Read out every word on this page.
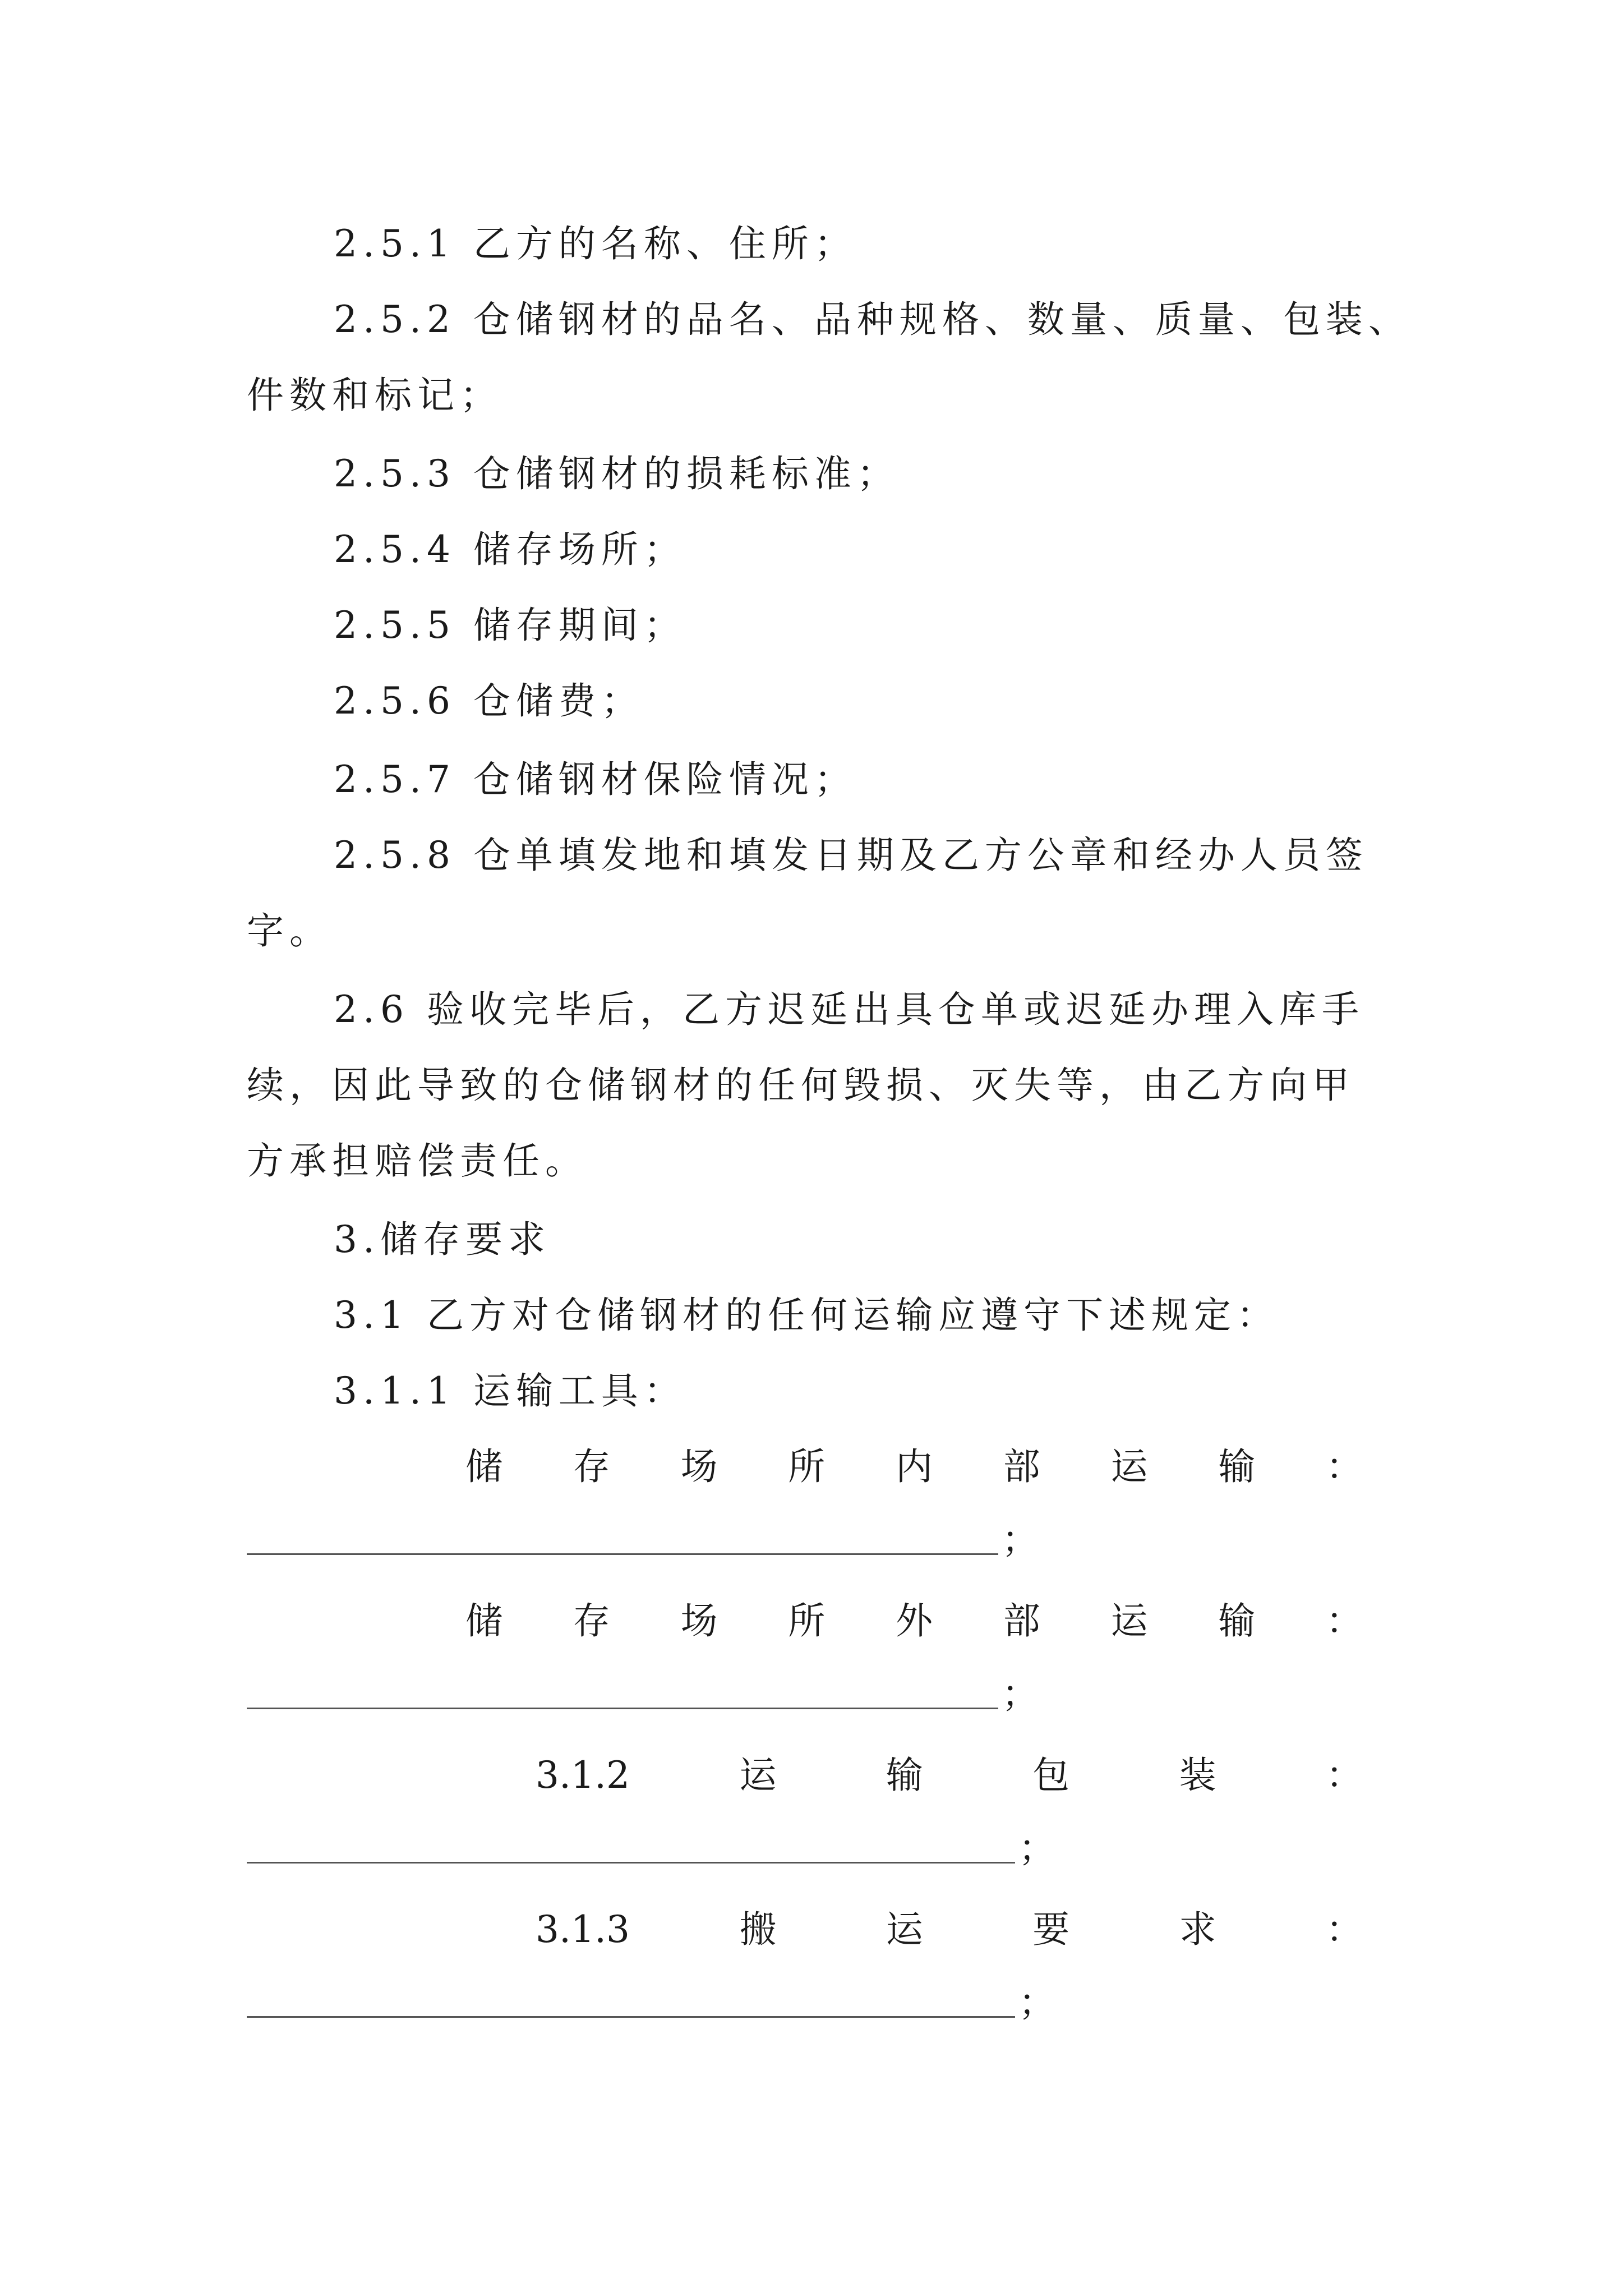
2.5.1 乙方的名称、住所；
2.5.2 仓储钢材的品名、品种规格、数量、质量、包装、
件数和标记；
2.5.3 仓储钢材的损耗标准；
2.5.4 储存场所；
2.5.5 储存期间；
2.5.6 仓储费；
2.5.7 仓储钢材保险情况；
2.5.8 仓单填发地和填发日期及乙方公章和经办人员签
字。
2.6 验收完毕后，乙方迟延出具仓单或迟延办理入库手
续，因此导致的仓储钢材的任何毁损、灭失等，由乙方向甲
方承担赔偿责任。
3.储存要求
3.1 乙方对仓储钢材的任何运输应遵守下述规定：
3.1.1 运输工具：
储 存 场 所 内 部 运 输 ：
；
储 存 场 所 外 部 运 输 ：
；
3.1.2	运	输	包	装	：
；
3.1.3	搬	运	要	求	：
；
